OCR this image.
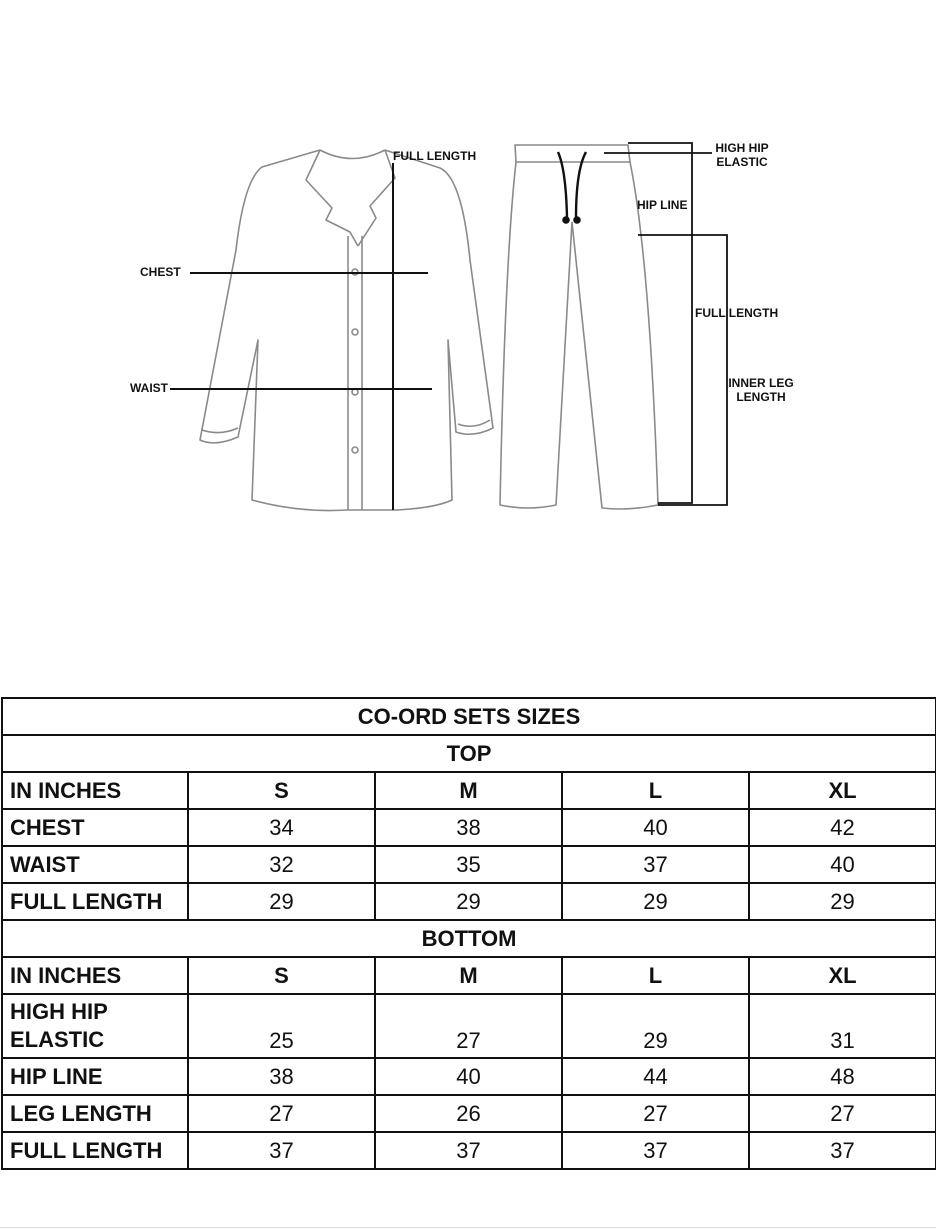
FULL LENGTH
CHEST
WAIST
HIGH HIP
ELASTIC
HIP LINE
FULL LENGTH
INNER LEG
LENGTH
CO-ORD SETS SIZES				
TOP				
IN INCHES	S	M	L	XL
CHEST	34	38	40	42
WAIST	32	35	37	40
FULL LENGTH	29	29	29	29
BOTTOM				
IN INCHES	S	M	L	XL

HIGH HIP
ELASTIC	25	27	29	31
HIP LINE	38	40	44	48
LEG LENGTH	27	26	27	27
FULL LENGTH	37	37	37	37
